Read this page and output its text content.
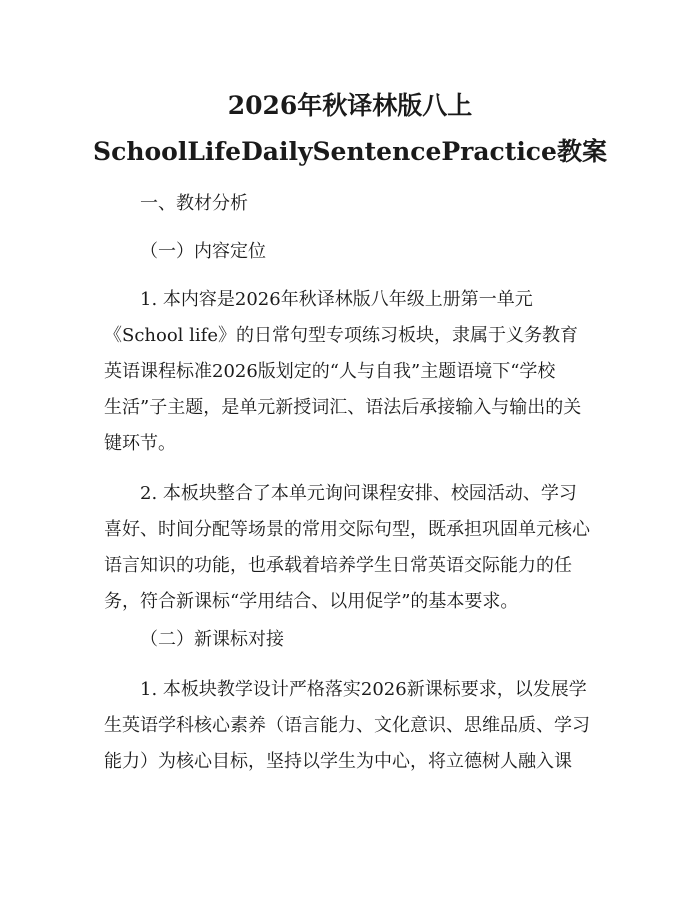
2026年秋译林版八上
SchoolLifeDailySentencePractice教案
一、教材分析
（一）内容定位
1. 本内容是2026年秋译林版八年级上册第一单元
《School life》的日常句型专项练习板块，隶属于义务教育
英语课程标准2026版划定的“人与自我”主题语境下“学校
生活”子主题，是单元新授词汇、语法后承接输入与输出的关
键环节。
2. 本板块整合了本单元询问课程安排、校园活动、学习
喜好、时间分配等场景的常用交际句型，既承担巩固单元核心
语言知识的功能，也承载着培养学生日常英语交际能力的任
务，符合新课标“学用结合、以用促学”的基本要求。
（二）新课标对接
1. 本板块教学设计严格落实2026新课标要求，以发展学
生英语学科核心素养（语言能力、文化意识、思维品质、学习
能力）为核心目标，坚持以学生为中心，将立德树人融入课
